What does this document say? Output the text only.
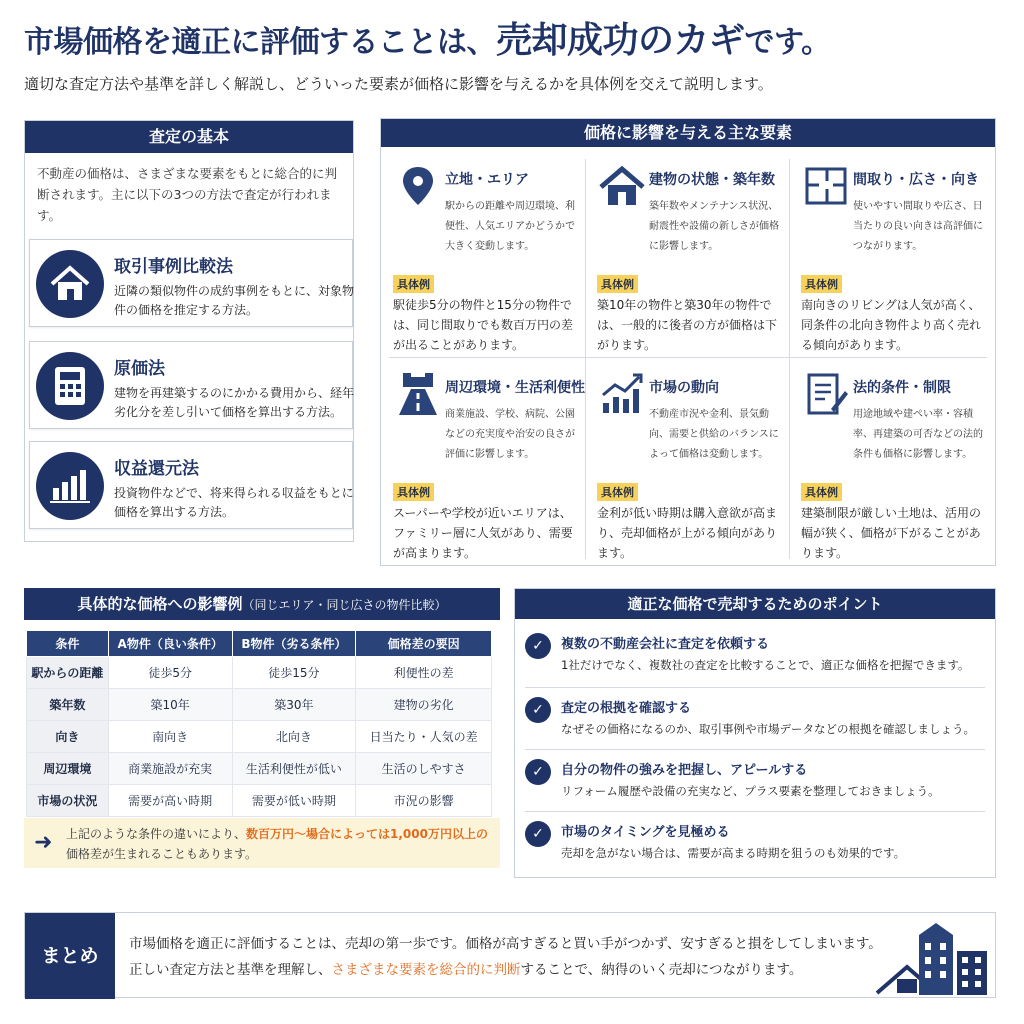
市場価格を適正に評価することは、売却成功のカギです。
適切な査定方法や基準を詳しく解説し、どういった要素が価格に影響を与えるかを具体例を交えて説明します。
査定の基本
不動産の価格は、さまざまな要素をもとに総合的に判断されます。主に以下の3つの方法で査定が行われます。
取引事例比較法
近隣の類似物件の成約事例をもとに、対象物件の価格を推定する方法。
原価法
建物を再建築するのにかかる費用から、経年劣化分を差し引いて価格を算出する方法。
収益還元法
投資物件などで、将来得られる収益をもとに価格を算出する方法。
価格に影響を与える主な要素
立地・エリア
駅からの距離や周辺環境、利便性、人気エリアかどうかで大きく変動します。
具体例
駅徒歩5分の物件と15分の物件では、同じ間取りでも数百万円の差が出ることがあります。
建物の状態・築年数
築年数やメンテナンス状況、耐震性や設備の新しさが価格に影響します。
具体例
築10年の物件と築30年の物件では、一般的に後者の方が価格は下がります。
間取り・広さ・向き
使いやすい間取りや広さ、日当たりの良い向きは高評価につながります。
具体例
南向きのリビングは人気が高く、同条件の北向き物件より高く売れる傾向があります。
周辺環境・生活利便性
商業施設、学校、病院、公園などの充実度や治安の良さが評価に影響します。
具体例
スーパーや学校が近いエリアは、ファミリー層に人気があり、需要が高まります。
市場の動向
不動産市況や金利、景気動向、需要と供給のバランスによって価格は変動します。
具体例
金利が低い時期は購入意欲が高まり、売却価格が上がる傾向があります。
法的条件・制限
用途地域や建ぺい率・容積率、再建築の可否などの法的条件も価格に影響します。
具体例
建築制限が厳しい土地は、活用の幅が狭く、価格が下がることがあります。
具体的な価格への影響例（同じエリア・同じ広さの物件比較）
条件	A物件（良い条件）	B物件（劣る条件）	価格差の要因
駅からの距離	徒歩5分	徒歩15分	利便性の差
築年数	築10年	築30年	建物の劣化
向き	南向き	北向き	日当たり・人気の差
周辺環境	商業施設が充実	生活利便性が低い	生活のしやすさ
市場の状況	需要が高い時期	需要が低い時期	市況の影響
➜ 上記のような条件の違いにより、数百万円〜場合によっては1,000万円以上の
価格差が生まれることもあります。
適正な価格で売却するためのポイント
✓	複数の不動産会社に査定を依頼する
1社だけでなく、複数社の査定を比較することで、適正な価格を把握できます。
✓	査定の根拠を確認する
なぜその価格になるのか、取引事例や市場データなどの根拠を確認しましょう。
✓	自分の物件の強みを把握し、アピールする
リフォーム履歴や設備の充実など、プラス要素を整理しておきましょう。
✓	市場のタイミングを見極める
売却を急がない場合は、需要が高まる時期を狙うのも効果的です。
まとめ
市場価格を適正に評価することは、売却の第一歩です。価格が高すぎると買い手がつかず、安すぎると損をしてしまいます。
正しい査定方法と基準を理解し、さまざまな要素を総合的に判断することで、納得のいく売却につながります。
